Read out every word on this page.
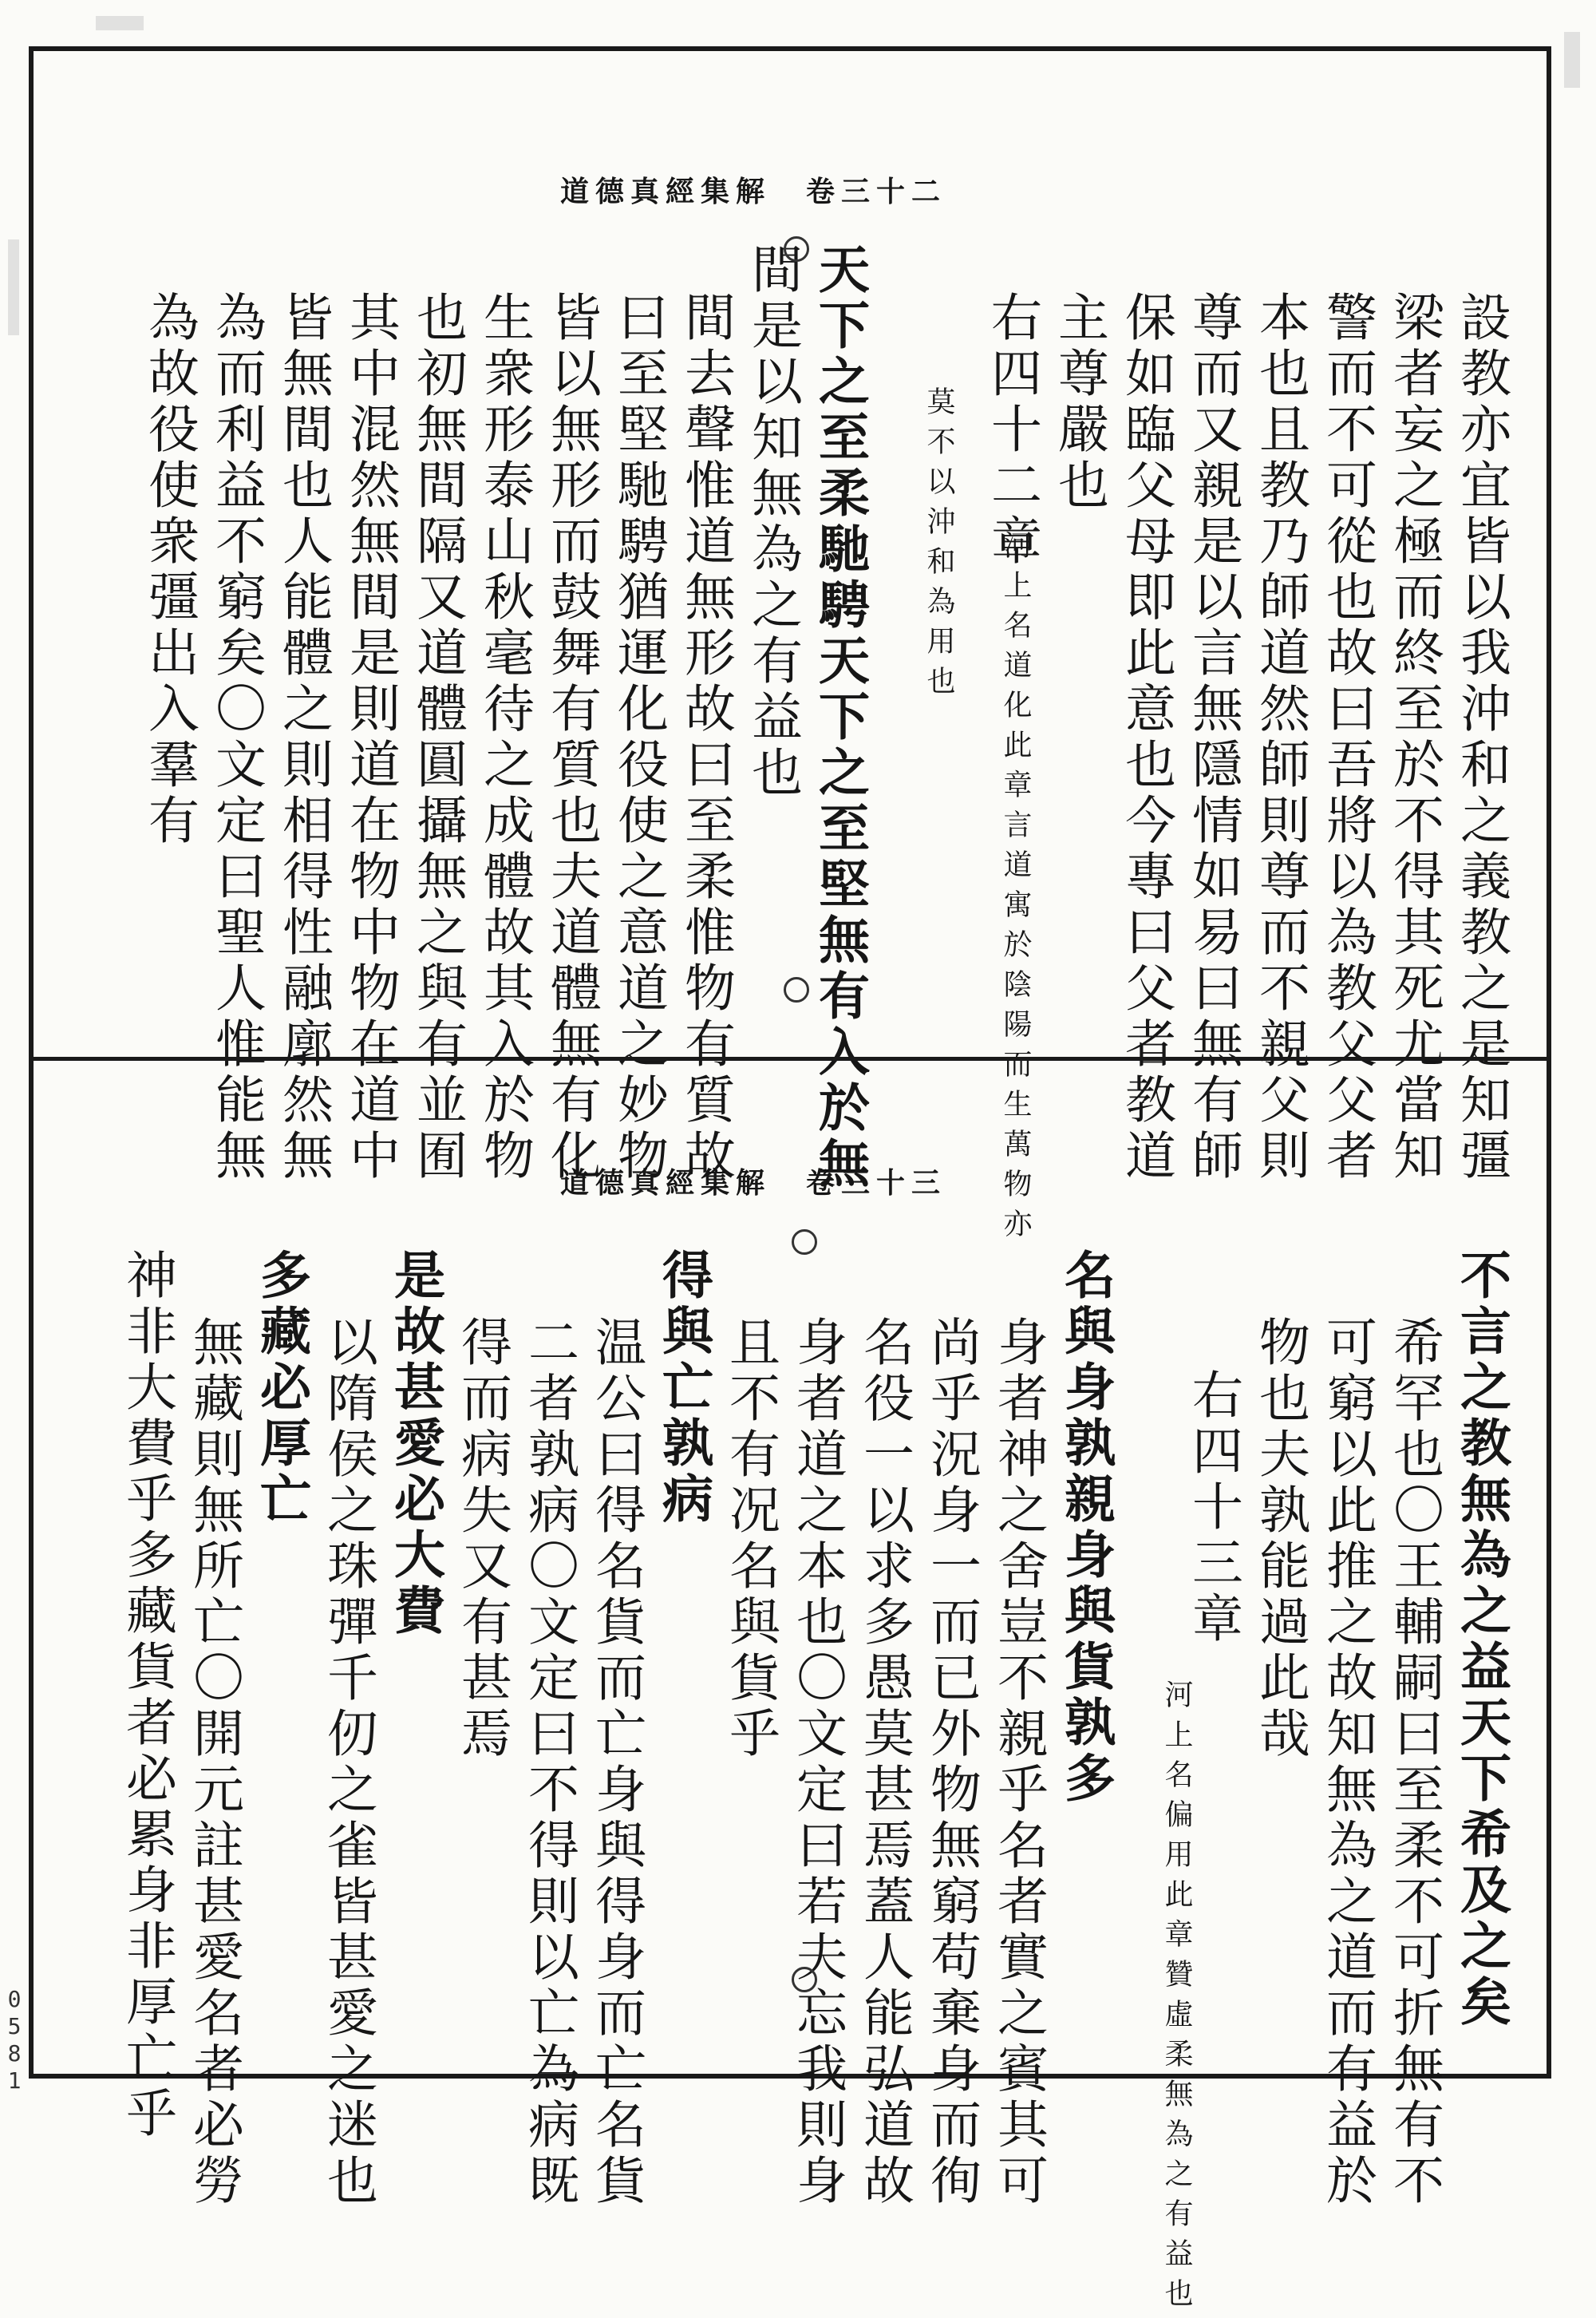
道德真經集解　卷三十二
設教亦宜皆以我沖和之義教之是知彊
梁者妄之極而終至於不得其死尤當知
警而不可從也故曰吾將以為教父父者
本也且教乃師道然師則尊而不親父則
尊而又親是以言無隱情如易曰無有師
保如臨父母即此意也今專曰父者教道
主尊嚴也
右四十二章
河上名道化此章言道
寓於陰陽而生萬物亦
莫不以沖
和為用也
天下之至柔馳騁天下之至堅無有入於無
間是以知無為之有益也
間去聲惟道無形故曰至柔惟物有質故
曰至堅馳騁猶運化役使之意道之妙物
皆以無形而鼓舞有質也夫道體無有化
生衆形泰山秋毫待之成體故其入於物
也初無間隔又道體圓攝無之與有並囿
其中混然無間是則道在物中物在道中
皆無間也人能體之則相得性融廓然無
為而利益不窮矣〇文定曰聖人惟能無
為故役使衆彊出入羣有
道德真經集解　卷三十三
不言之教無為之益天下希及之矣
希罕也〇王輔嗣曰至柔不可折無有不
可窮以此推之故知無為之道而有益於
物也夫孰能過此哉
右四十三章
河上名偏用此章贊
虛柔無為之有益也
名與身孰親身與貨孰多
身者神之舍豈不親乎名者實之賓其可
尚乎況身一而已外物無窮苟棄身而徇
名役一以求多愚莫甚焉蓋人能弘道故
身者道之本也〇文定曰若夫忘我則身
且不有况名與貨乎
得與亡孰病
温公曰得名貨而亡身與得身而亡名貨
二者孰病〇文定曰不得則以亡為病既
得而病失又有甚焉
是故甚愛必大費
以隋侯之珠彈千仞之雀皆甚愛之迷也
多藏必厚亡
無藏則無所亡〇開元註甚愛名者必勞
神非大費乎多藏貨者必累身非厚亡乎
0581
